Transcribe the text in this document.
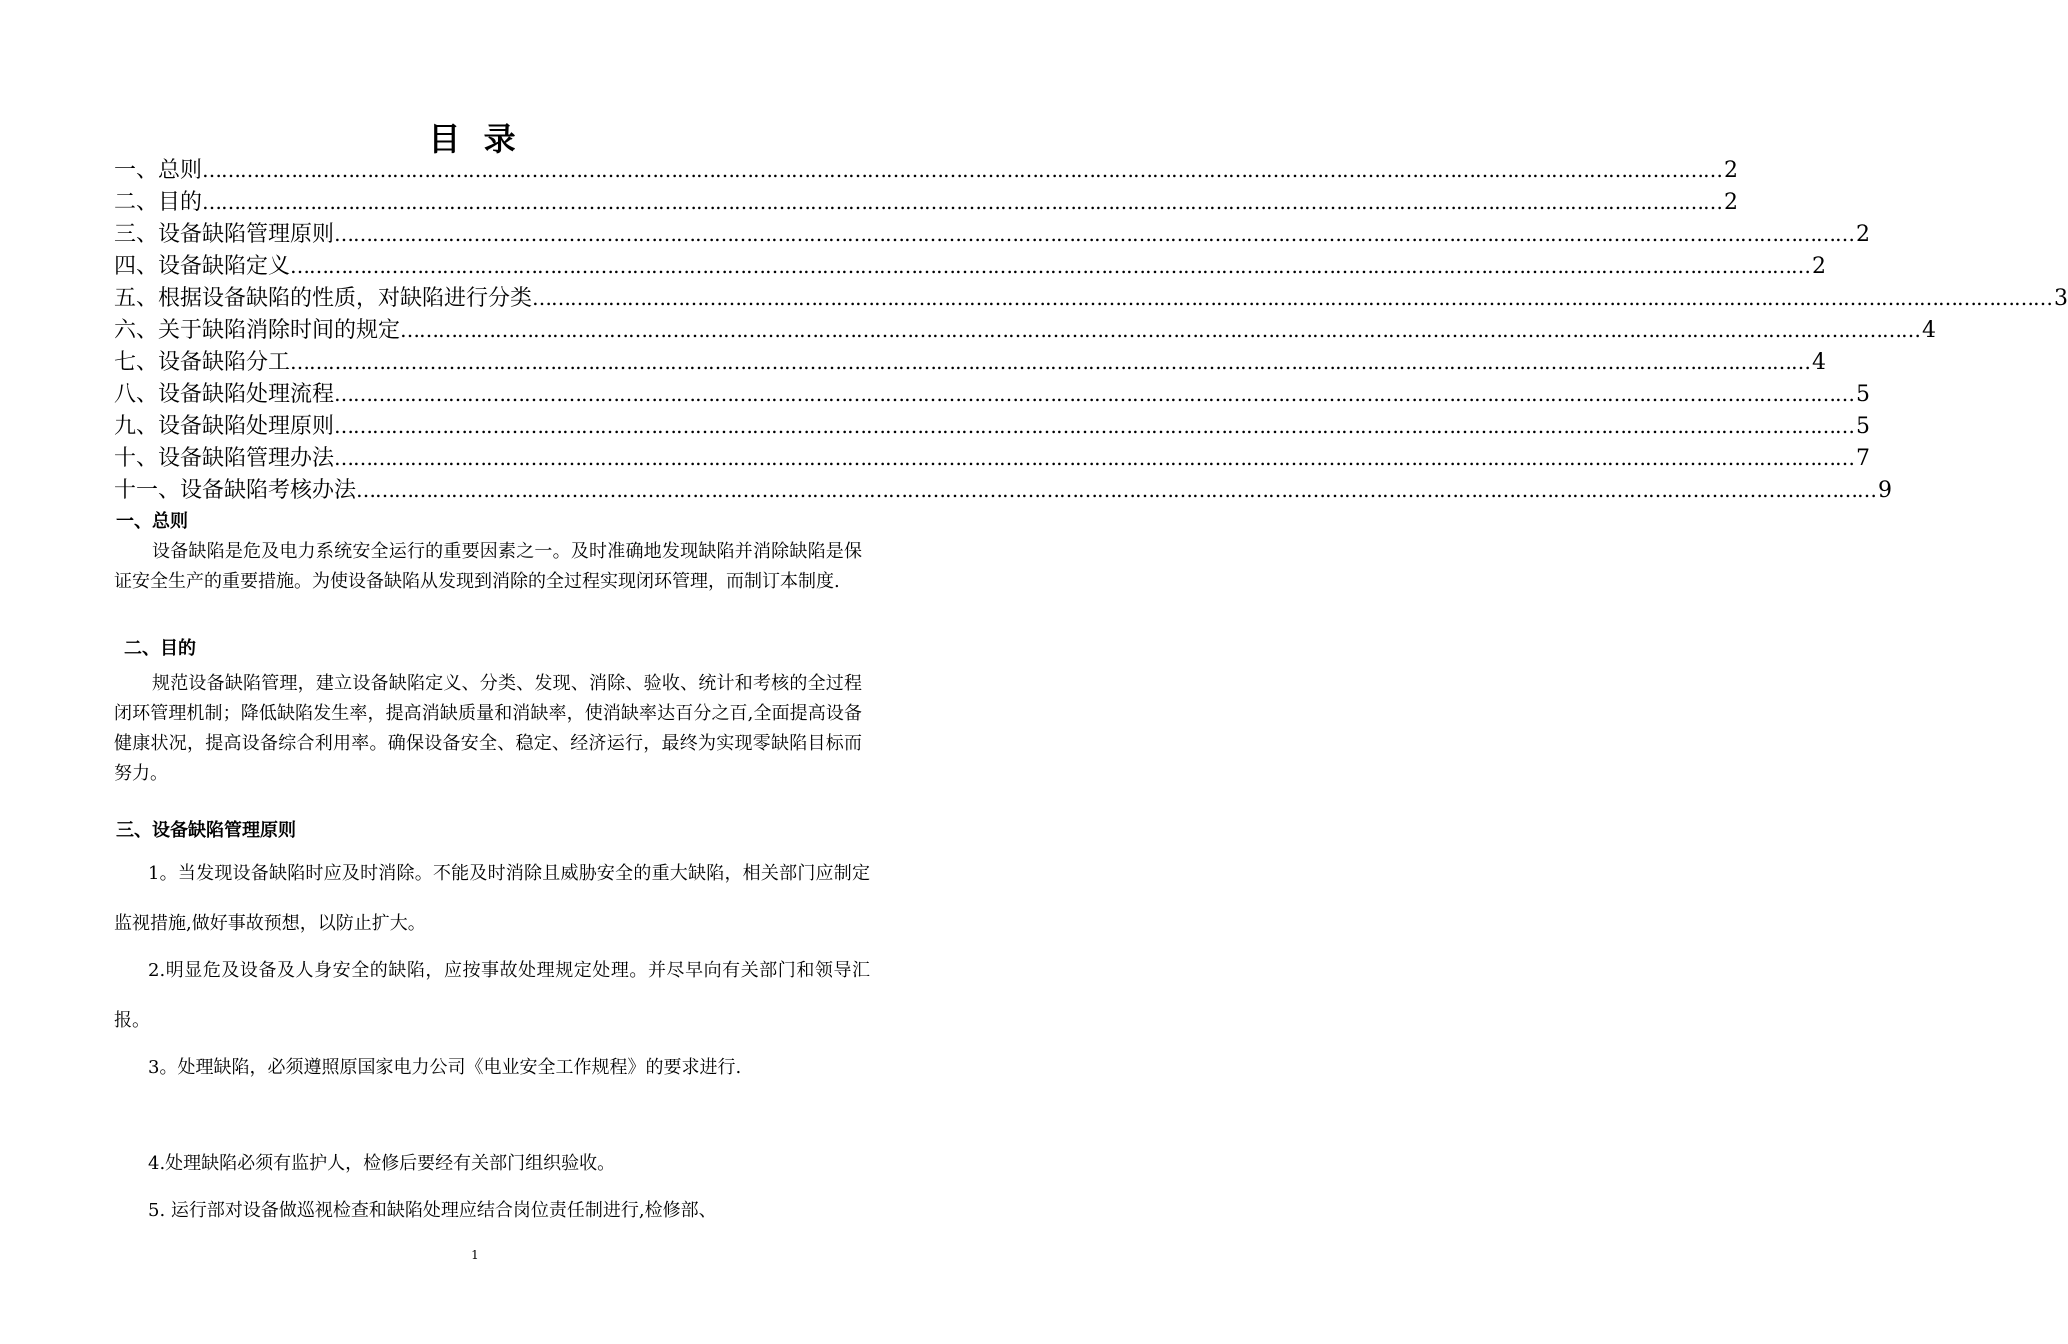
目 录
一、总则 …………………………………………………………………………………………………………………………………………………………………………………………………………………… 2
二、目的 …………………………………………………………………………………………………………………………………………………………………………………………………………………… 2
三、设备缺陷管理原则 …………………………………………………………………………………………………………………………………………………………………………………………………………………… 2
四、设备缺陷定义 …………………………………………………………………………………………………………………………………………………………………………………………………………………… 2
五、根据设备缺陷的性质，对缺陷进行分类 …………………………………………………………………………………………………………………………………………………………………………………………………………………… 3
六、关于缺陷消除时间的规定 …………………………………………………………………………………………………………………………………………………………………………………………………………………… 4
七、设备缺陷分工 …………………………………………………………………………………………………………………………………………………………………………………………………………………… 4
八、设备缺陷处理流程 …………………………………………………………………………………………………………………………………………………………………………………………………………………… 5
九、设备缺陷处理原则 …………………………………………………………………………………………………………………………………………………………………………………………………………………… 5
十、设备缺陷管理办法 …………………………………………………………………………………………………………………………………………………………………………………………………………………… 7
十一、设备缺陷考核办法 …………………………………………………………………………………………………………………………………………………………………………………………………………………… 9
一、总则
设备缺陷是危及电力系统安全运行的重要因素之一。及时准确地发现缺陷并消除缺陷是保证安全生产的重要措施。为使设备缺陷从发现到消除的全过程实现闭环管理，而制订本制度.
二、目的
规范设备缺陷管理，建立设备缺陷定义、分类、发现、消除、验收、统计和考核的全过程闭环管理机制；降低缺陷发生率，提高消缺质量和消缺率，使消缺率达百分之百,全面提高设备健康状况，提高设备综合利用率。确保设备安全、稳定、经济运行，最终为实现零缺陷目标而努力。
三、设备缺陷管理原则
1。当发现设备缺陷时应及时消除。不能及时消除且威胁安全的重大缺陷，相关部门应制定监视措施,做好事故预想，以防止扩大。
2.明显危及设备及人身安全的缺陷，应按事故处理规定处理。并尽早向有关部门和领导汇报。
3。处理缺陷，必须遵照原国家电力公司《电业安全工作规程》的要求进行.
4.处理缺陷必须有监护人，检修后要经有关部门组织验收。
5. 运行部对设备做巡视检查和缺陷处理应结合岗位责任制进行,检修部、
1
